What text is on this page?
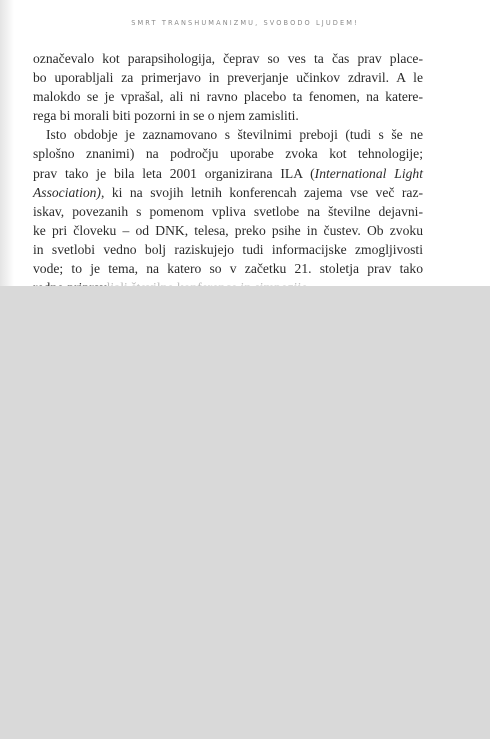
SMRT TRANSHUMANIZMU, SVOBODO LJUDEM!
označevalo kot parapsihologija, čeprav so ves ta čas prav place-
bo uporabljali za primerjavo in preverjanje učinkov zdravil. A le
malokdo se je vprašal, ali ni ravno placebo ta fenomen, na katere-
rega bi morali biti pozorni in se o njem zamisliti.
Isto obdobje je zaznamovano s številnimi preboji (tudi s še ne
splošno znanimi) na področju uporabe zvoka kot tehnologije;
prav tako je bila leta 2001 organizirana ILA (International Light
Association), ki na svojih letnih konferencah zajema vse več raz-
iskav, povezanih s pomenom vpliva svetlobe na številne dejavni-
ke pri človeku – od DNK, telesa, preko psihe in čustev. Ob zvoku
in svetlobi vedno bolj raziskujejo tudi informacijske zmogljivosti
vode; to je tema, na katero so v začetku 21. stoletja prav tako
